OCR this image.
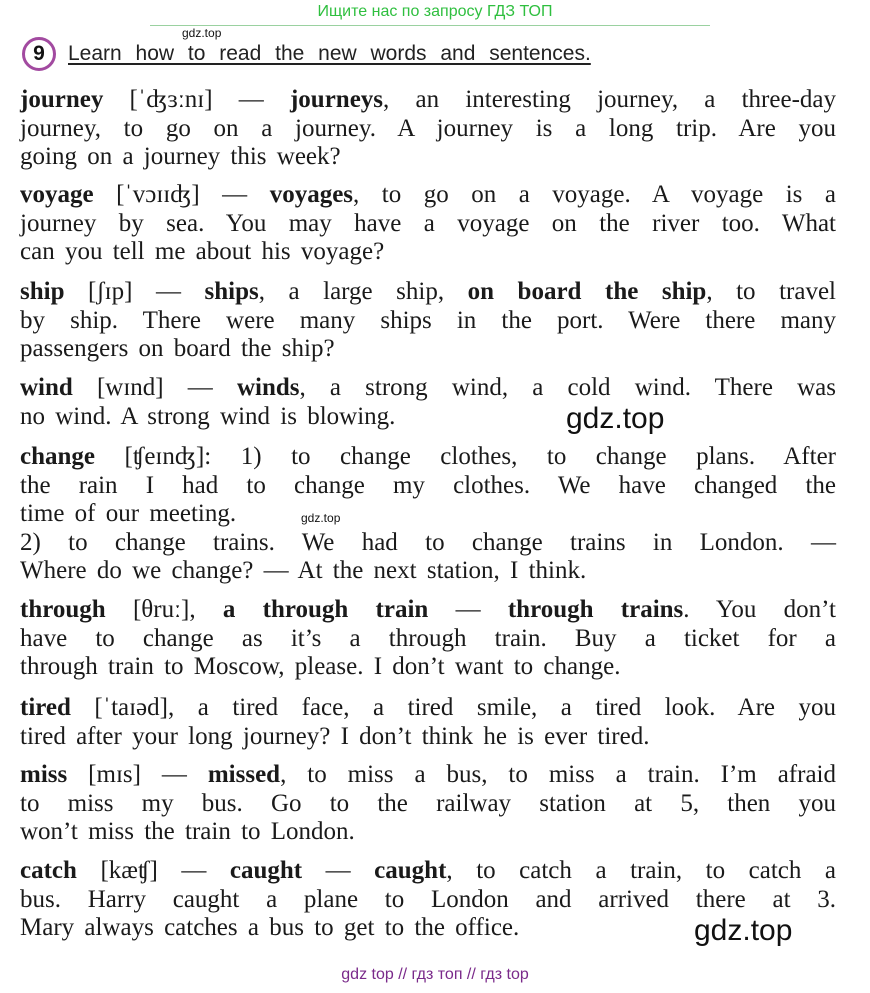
Ищите нас по запросу ГДЗ ТОП
gdz.top
9	Learn how to read the new words and sentences.
journey [ˈʤɜːnɪ] — journeys, an interesting journey, a three-day
journey, to go on a journey. A journey is a long trip. Are you
going on a journey this week?
voyage [ˈvɔɪɪʤ] — voyages, to go on a voyage. A voyage is a
journey by sea. You may have a voyage on the river too. What
can you tell me about his voyage?
ship [ʃɪp] — ships, a large ship, on board the ship, to travel
by ship. There were many ships in the port. Were there many
passengers on board the ship?
wind [wɪnd] — winds, a strong wind, a cold wind. There was
no wind. A strong wind is blowing.	gdz.top
change [ʧeɪnʤ]: 1) to change clothes, to change plans. After
the rain I had to change my clothes. We have changed the
time of our meeting.
2) to change trains. We had to change trains in London. —
Where do we change? — At the next station, I think.
gdz.top
through [θruː], a through train — through trains. You don’t
have to change as it’s a through train. Buy a ticket for a
through train to Moscow, please. I don’t want to change.
tired [ˈtaɪəd], a tired face, a tired smile, a tired look. Are you
tired after your long journey? I don’t think he is ever tired.
miss [mɪs] — missed, to miss a bus, to miss a train. I’m afraid
to miss my bus. Go to the railway station at 5, then you
won’t miss the train to London.
catch [kæʧ] — caught — caught, to catch a train, to catch a
bus. Harry caught a plane to London and arrived there at 3.
Mary always catches a bus to get to the office.	gdz.top
gdz top // гдз топ // гдз top
